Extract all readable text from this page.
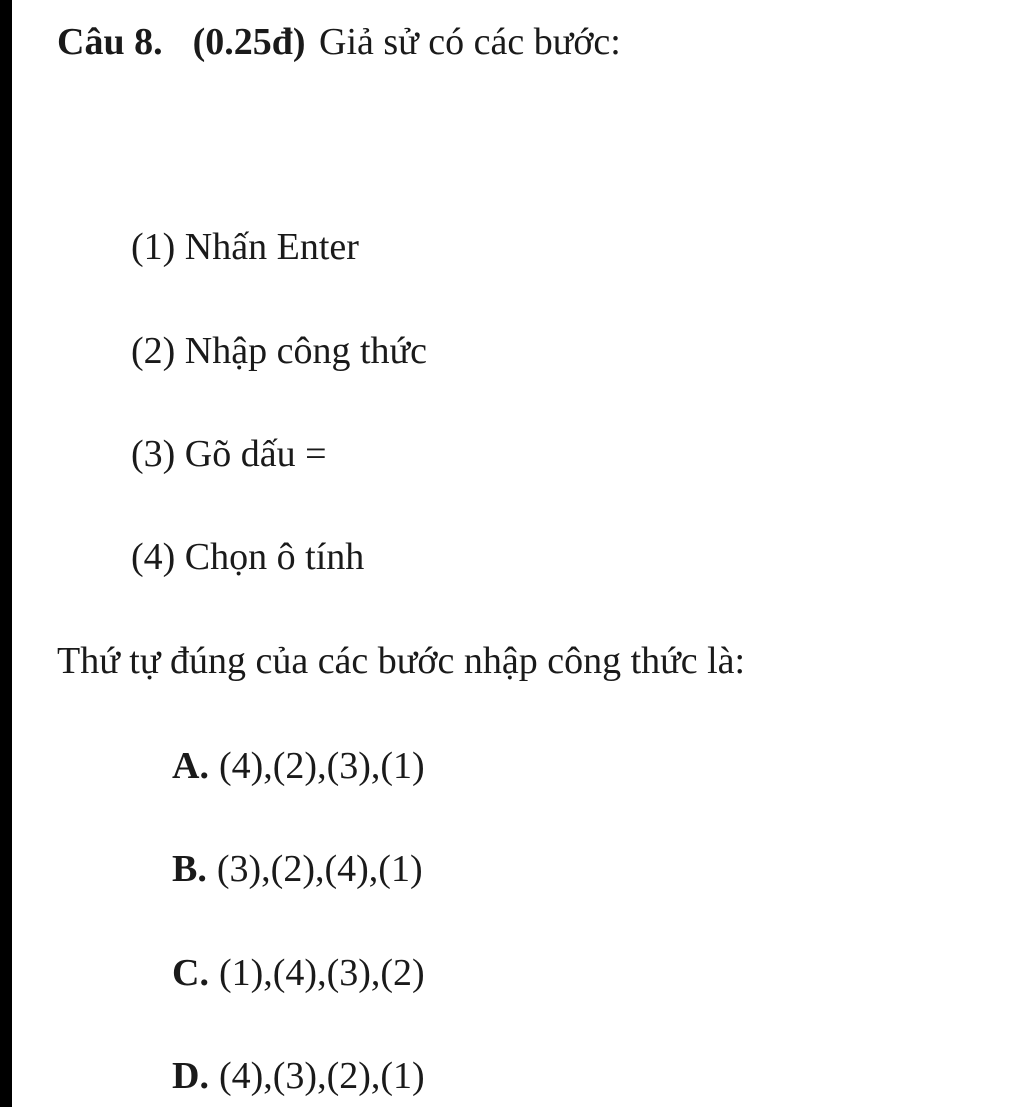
Câu 8. (0.25đ) Giả sử có các bước:
(1) Nhấn Enter
(2) Nhập công thức
(3) Gõ dấu =
(4) Chọn ô tính
Thứ tự đúng của các bước nhập công thức là:
A. (4),(2),(3),(1)
B. (3),(2),(4),(1)
C. (1),(4),(3),(2)
D. (4),(3),(2),(1)
